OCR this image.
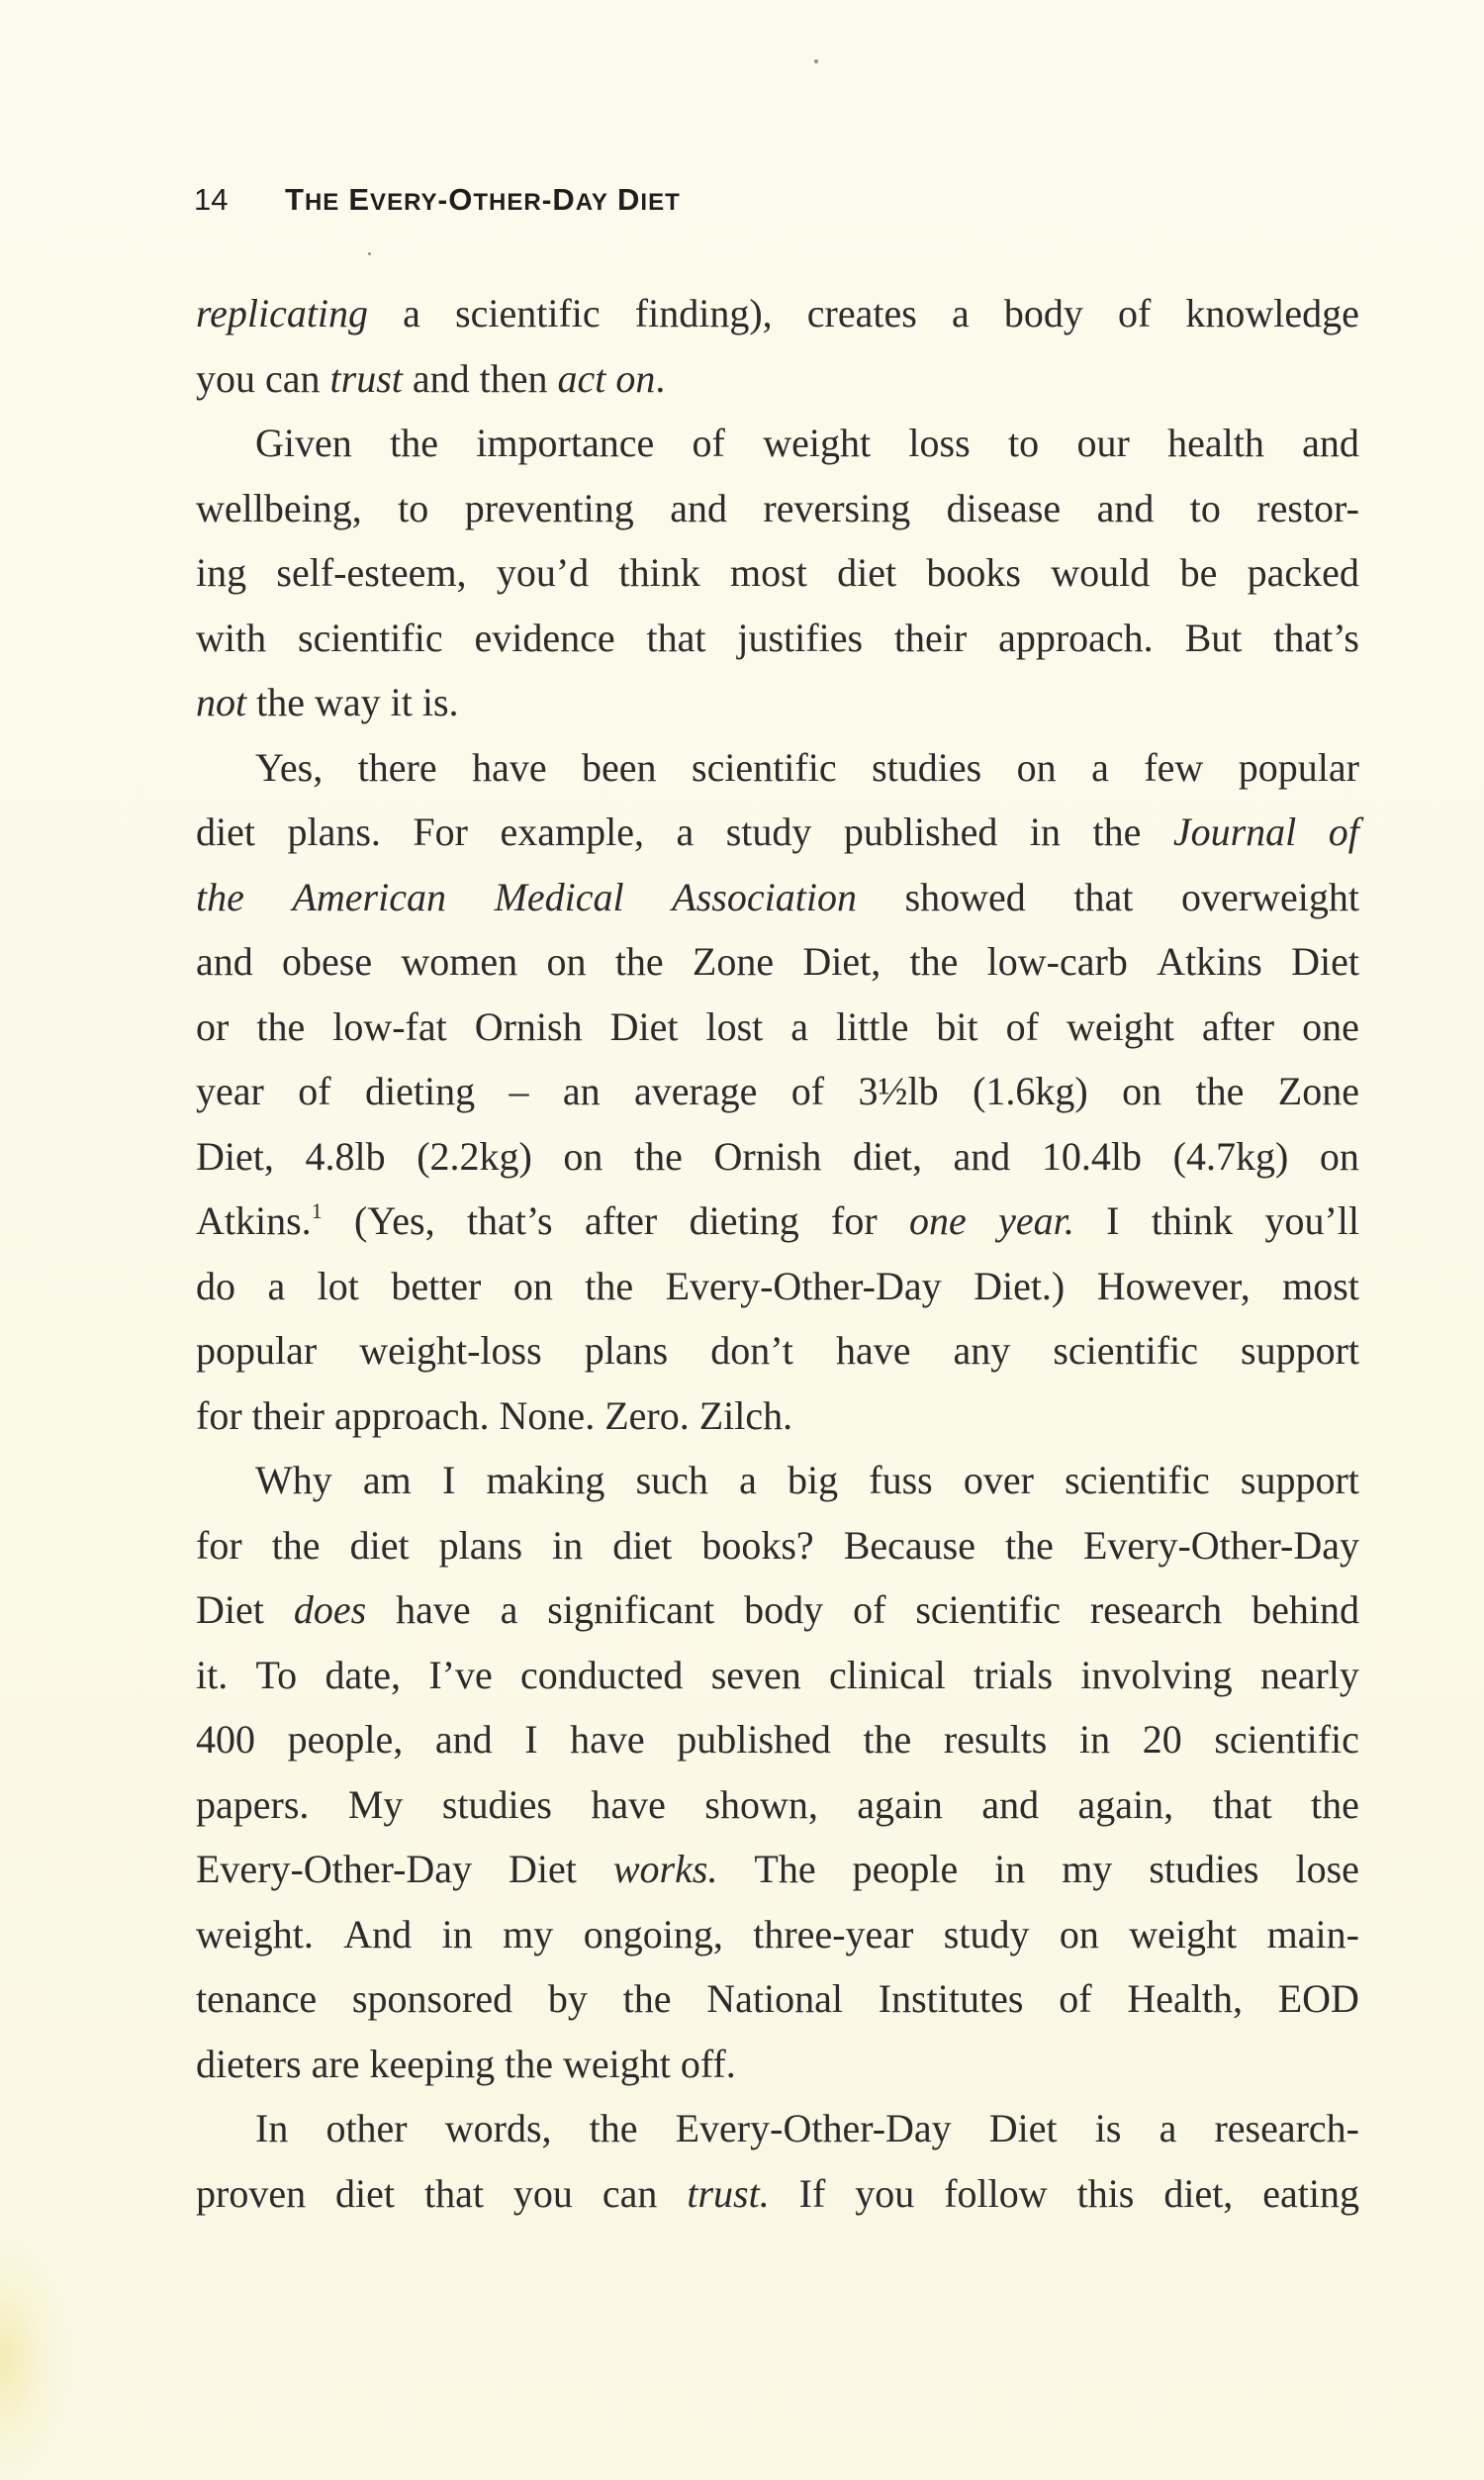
14	THE EVERY-OTHER-DAY DIET
replicating a scientific finding), creates a body of knowledge
you can trust and then act on.
Given the importance of weight loss to our health and
wellbeing, to preventing and reversing disease and to restor-
ing self-esteem, you’d think most diet books would be packed
with scientific evidence that justifies their approach. But that’s
not the way it is.
Yes, there have been scientific studies on a few popular
diet plans. For example, a study published in the Journal of
the American Medical Association showed that overweight
and obese women on the Zone Diet, the low-carb Atkins Diet
or the low-fat Ornish Diet lost a little bit of weight after one
year of dieting – an average of 3½lb (1.6kg) on the Zone
Diet, 4.8lb (2.2kg) on the Ornish diet, and 10.4lb (4.7kg) on
Atkins.$^1$ (Yes, that’s after dieting for one year. I think you’ll
do a lot better on the Every-Other-Day Diet.) However, most
popular weight-loss plans don’t have any scientific support
for their approach. None. Zero. Zilch.
Why am I making such a big fuss over scientific support
for the diet plans in diet books? Because the Every-Other-Day
Diet does have a significant body of scientific research behind
it. To date, I’ve conducted seven clinical trials involving nearly
400 people, and I have published the results in 20 scientific
papers. My studies have shown, again and again, that the
Every-Other-Day Diet works. The people in my studies lose
weight. And in my ongoing, three-year study on weight main-
tenance sponsored by the National Institutes of Health, EOD
dieters are keeping the weight off.
In other words, the Every-Other-Day Diet is a research-
proven diet that you can trust. If you follow this diet, eating
